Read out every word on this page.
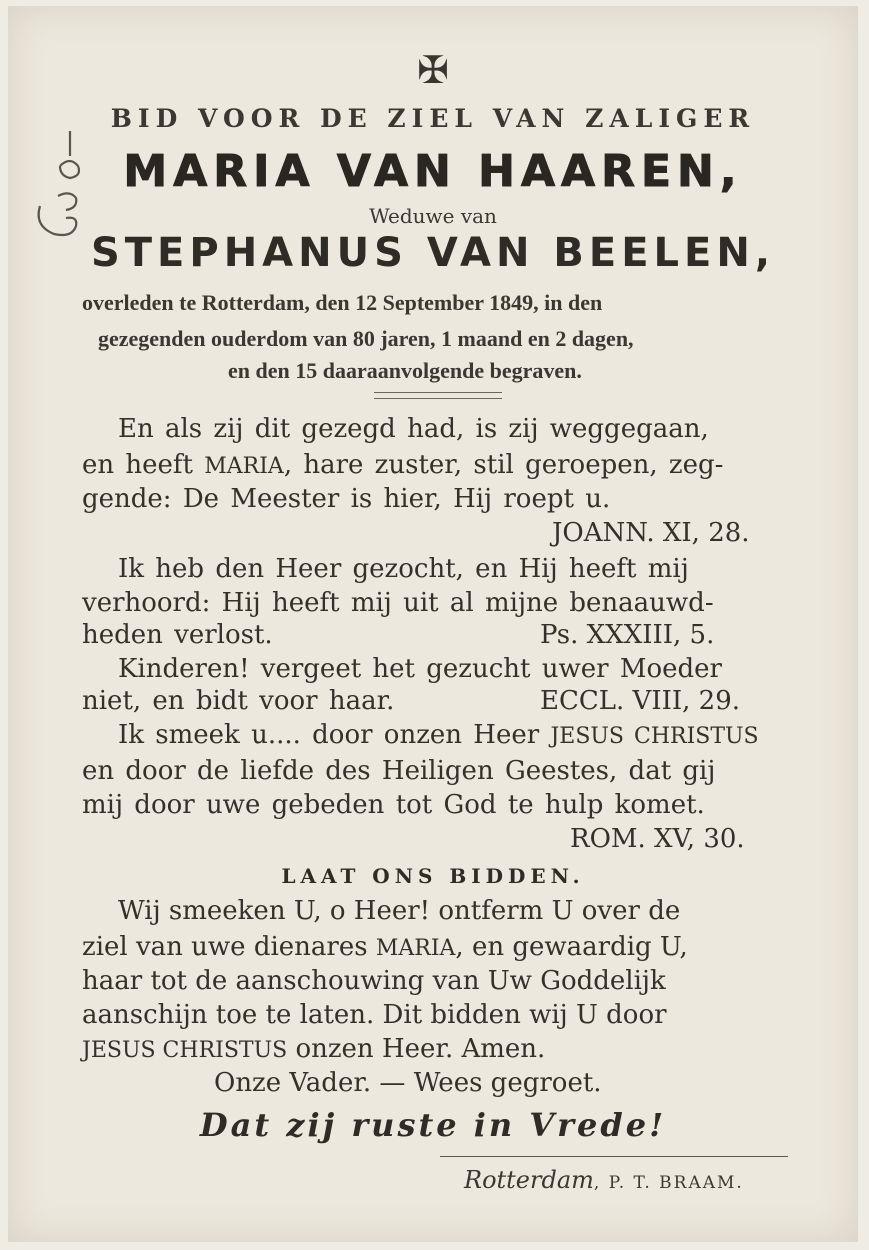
✠
BID VOOR DE ZIEL VAN ZALIGER
MARIA VAN HAAREN,
Weduwe van
STEPHANUS VAN BEELEN,
overleden te Rotterdam, den 12 September 1849, in den
gezegenden ouderdom van 80 jaren, 1 maand en 2 dagen,
en den 15 daaraanvolgende begraven.
En als zij dit gezegd had, is zij weggegaan,
en heeft MARIA, hare zuster, stil geroepen, zeg-
gende: De Meester is hier, Hij roept u.
JOANN. XI, 28.
Ik heb den Heer gezocht, en Hij heeft mij
verhoord: Hij heeft mij uit al mijne benaauwd-
heden verlost.	Ps. XXXIII, 5.
Kinderen! vergeet het gezucht uwer Moeder
niet, en bidt voor haar.	ECCL. VIII, 29.
Ik smeek u.... door onzen Heer JESUS CHRISTUS
en door de liefde des Heiligen Geestes, dat gij
mij door uwe gebeden tot God te hulp komet.
ROM. XV, 30.
LAAT ONS BIDDEN.
Wij smeeken U, o Heer! ontferm U over de
ziel van uwe dienares MARIA, en gewaardig U,
haar tot de aanschouwing van Uw Goddelijk
aanschijn toe te laten. Dit bidden wij U door
JESUS CHRISTUS onzen Heer. Amen.
Onze Vader. — Wees gegroet.
Dat zij ruste in Vrede!
Rotterdam, P. T. BRAAM.
